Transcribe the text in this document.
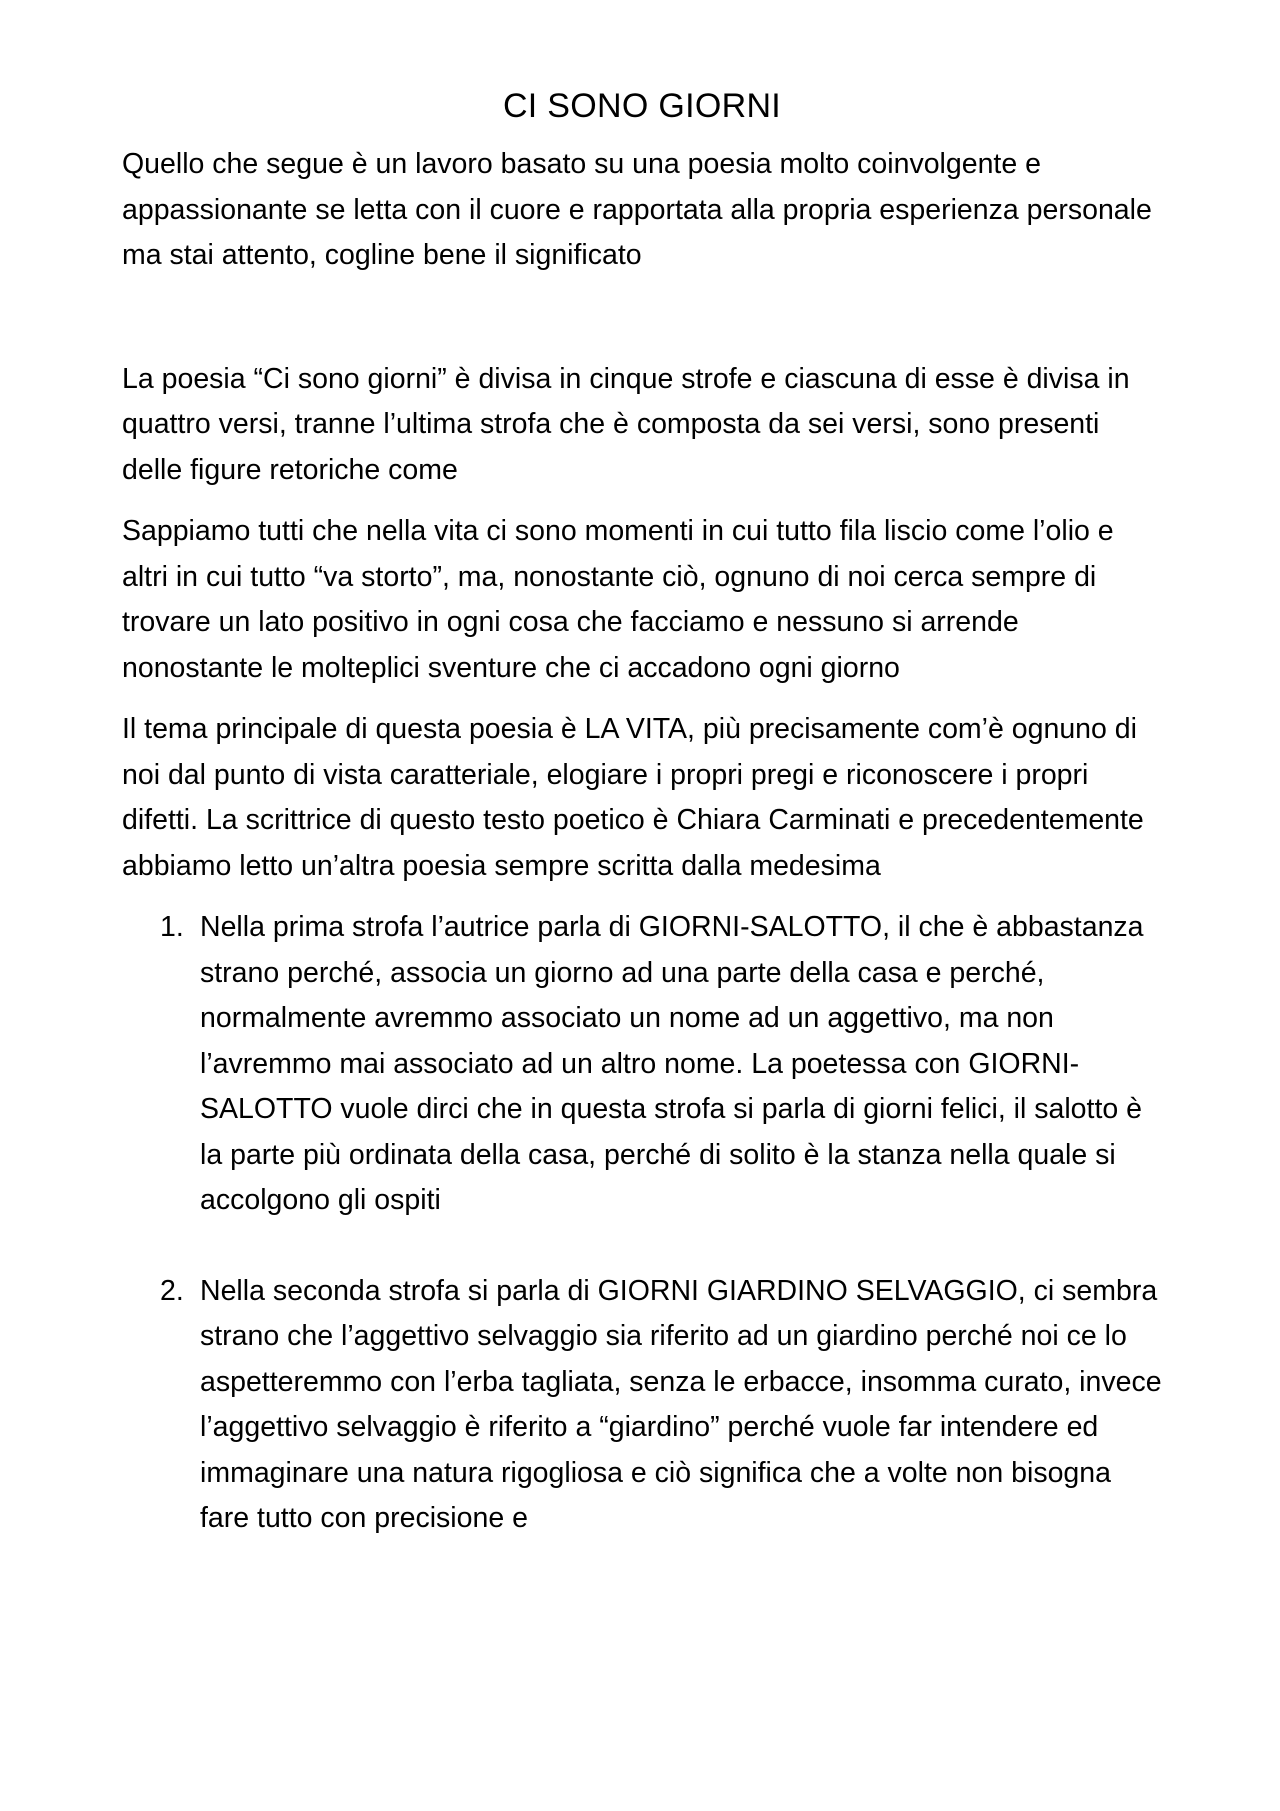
CI SONO GIORNI

Quello che segue è un lavoro basato su una poesia molto coinvolgente e appassionante se letta con il cuore e rapportata alla propria esperienza personale ma stai attento, cogline bene il significato

La poesia “Ci sono giorni” è divisa in cinque strofe e ciascuna di esse è divisa in quattro versi, tranne l’ultima strofa che è composta da sei versi, sono presenti delle figure retoriche come

Sappiamo tutti che nella vita ci sono momenti in cui tutto fila liscio come l’olio e altri in cui tutto “va storto”, ma, nonostante ciò, ognuno di noi cerca sempre di trovare un lato positivo in ogni cosa che facciamo e nessuno si arrende nonostante le molteplici sventure che ci accadono ogni giorno

Il tema principale di questa poesia è LA VITA, più precisamente com’è ognuno di noi dal punto di vista caratteriale, elogiare i propri pregi e riconoscere i propri difetti. La scrittrice di questo testo poetico è Chiara Carminati e precedentemente abbiamo letto un’altra poesia sempre scritta dalla medesima

1. Nella prima strofa l’autrice parla di GIORNI-SALOTTO, il che è abbastanza strano perché, associa un giorno ad una parte della casa e perché, normalmente avremmo associato un nome ad un aggettivo, ma non l’avremmo mai associato ad un altro nome. La poetessa con GIORNI-SALOTTO vuole dirci che in questa strofa si parla di giorni felici, il salotto è la parte più ordinata della casa, perché di solito è la stanza nella quale si accolgono gli ospiti
2. Nella seconda strofa si parla di GIORNI GIARDINO SELVAGGIO, ci sembra strano che l’aggettivo selvaggio sia riferito ad un giardino perché noi ce lo aspetteremmo con l’erba tagliata, senza le erbacce, insomma curato, invece l’aggettivo selvaggio è riferito a “giardino” perché vuole far intendere ed immaginare una natura rigogliosa e ciò significa che a volte non bisogna fare tutto con precisione e
